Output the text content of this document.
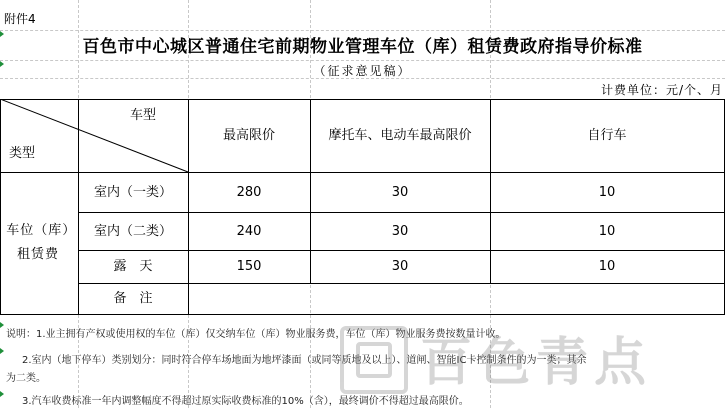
附件4
百色市中心城区普通住宅前期物业管理车位（库）租赁费政府指导价标准
（征求意见稿）
计费单位：元/个、月
车型
类型
最高限价	摩托车、电动车最高限价	自行车
车位（库）租赁费
室内（一类）	280	30	10
室内（二类）	240	30	10
露　天	150	30	10
备　注
说明：1.业主拥有产权或使用权的车位（库）仅交纳车位（库）物业服务费，车位（库）物业服务费按数量计收。
2.室内（地下停车）类别划分：同时符合停车场地面为地坪漆面（或同等质地及以上）、道闸、智能IC卡控制条件的为一类；其余
为二类。
3.汽车收费标准一年内调整幅度不得超过原实际收费标准的10%（含），最终调价不得超过最高限价。
百色青点
